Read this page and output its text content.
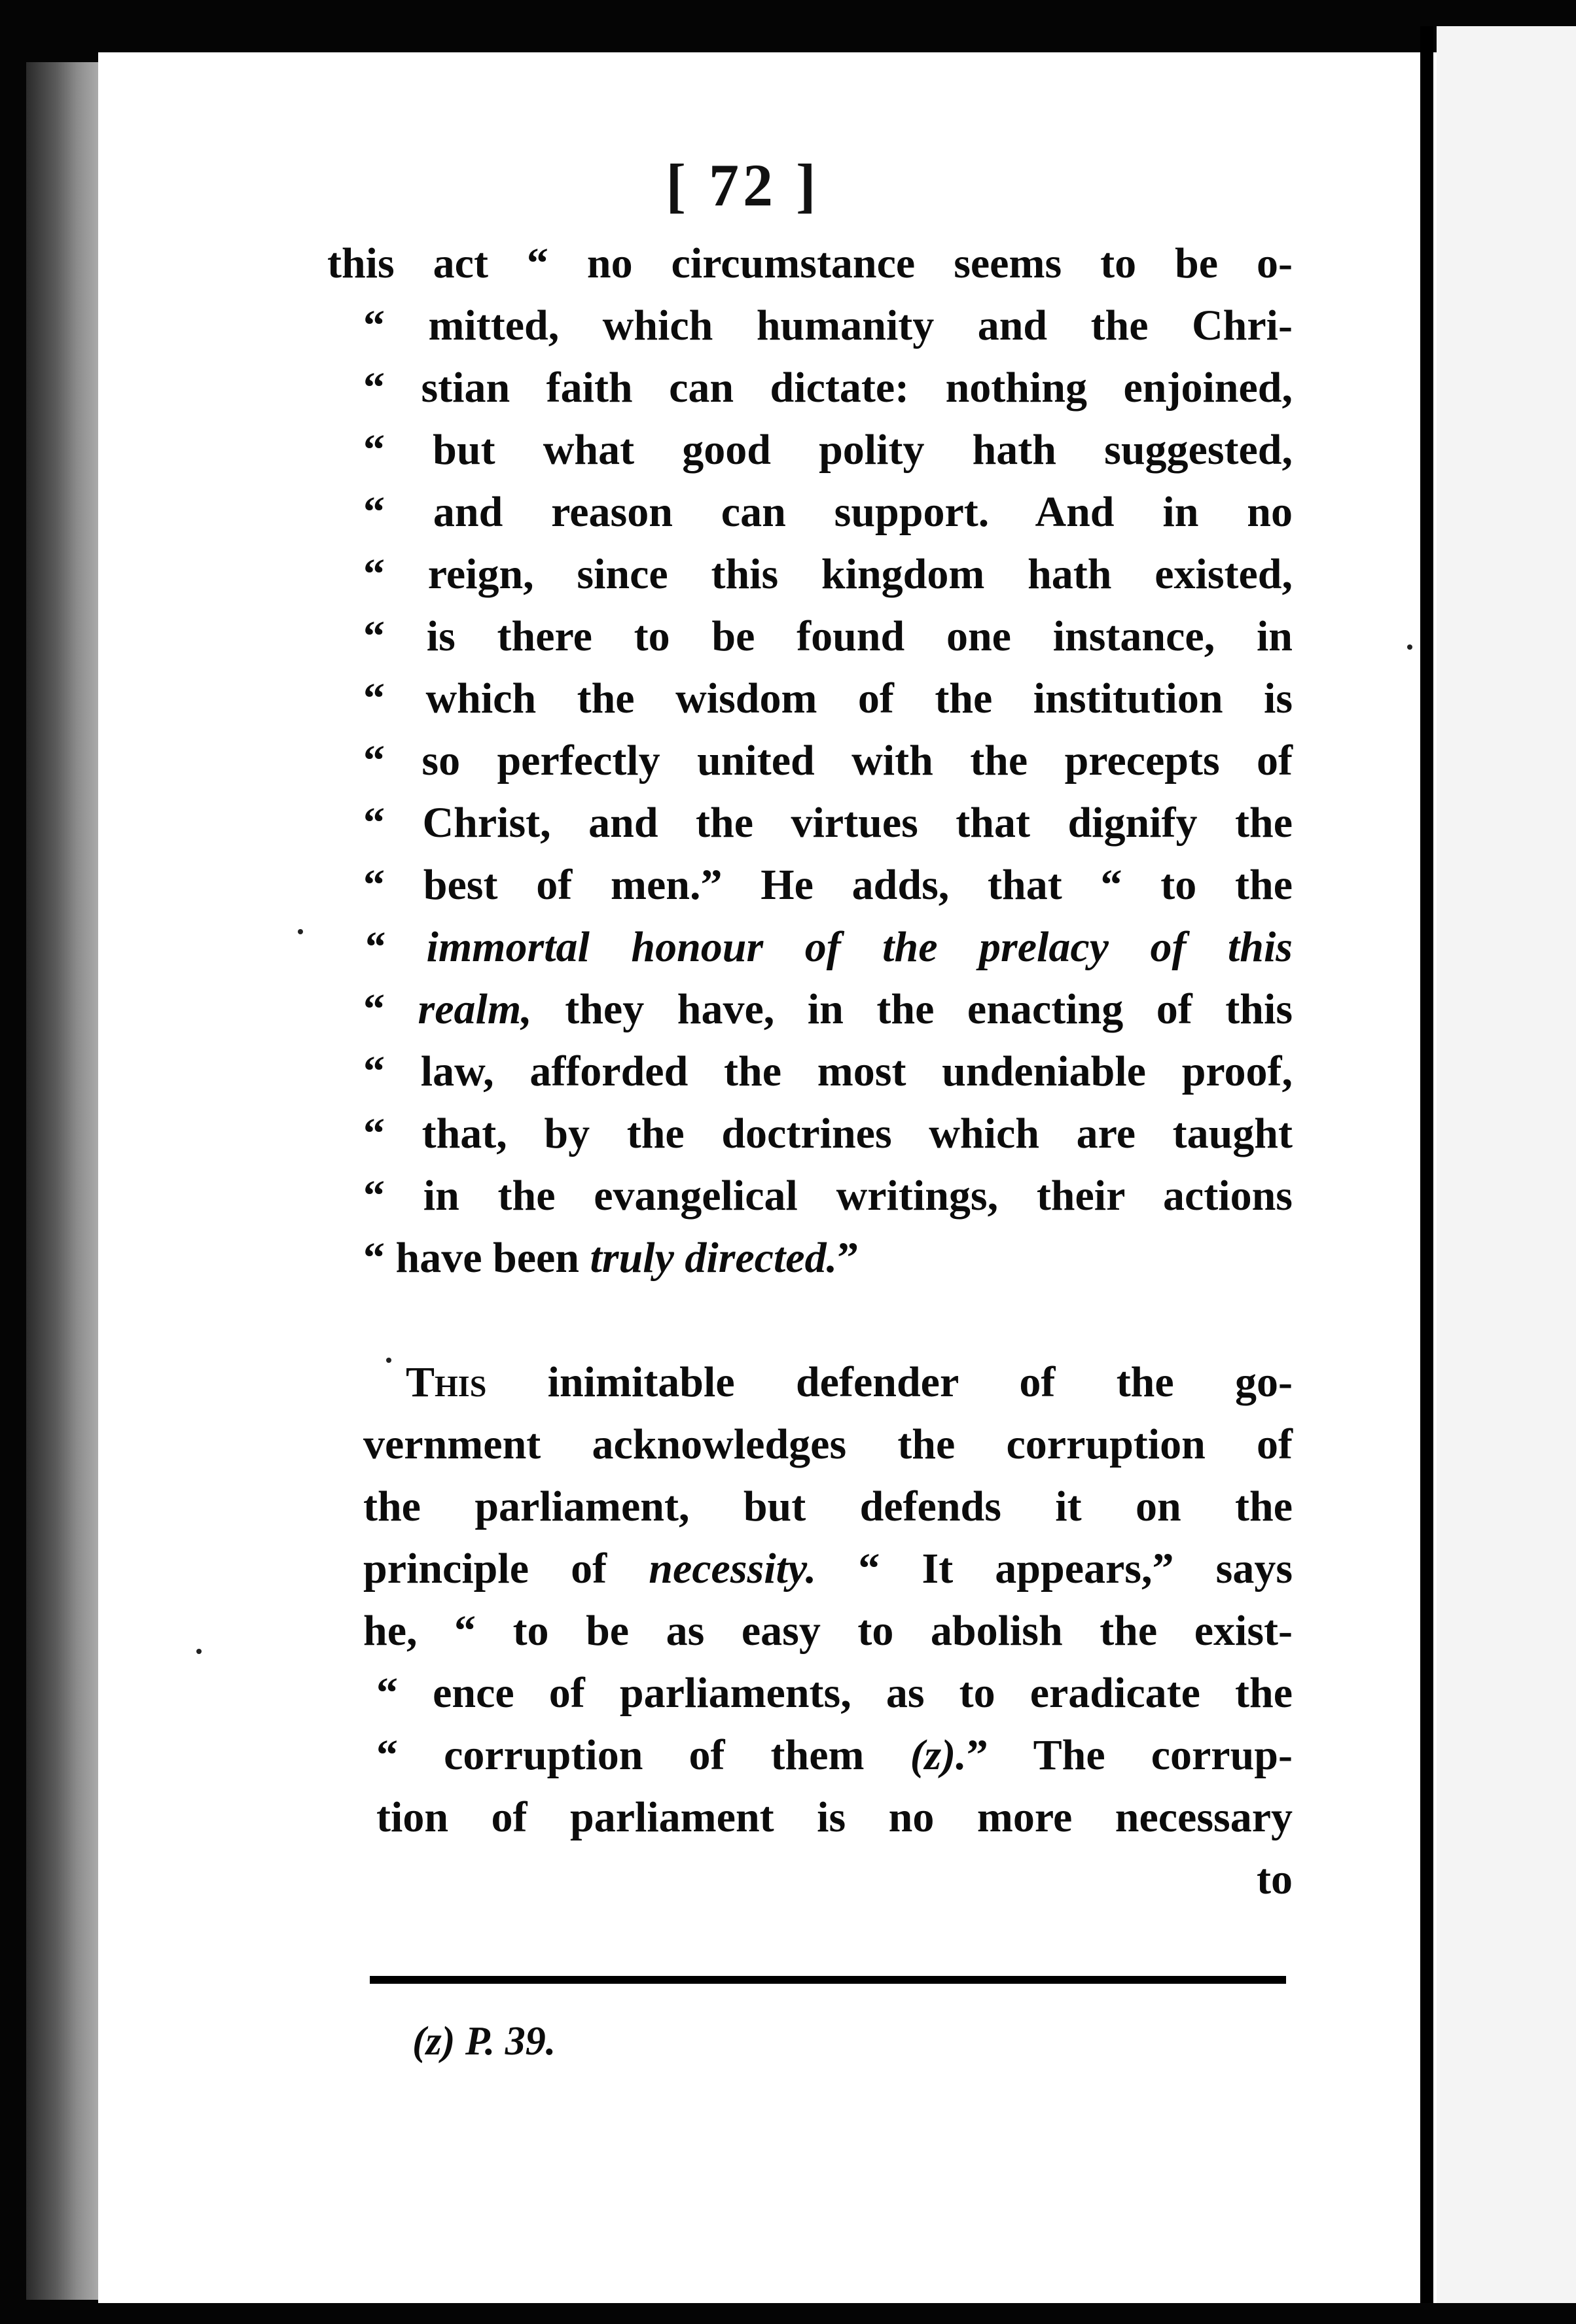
[ 72 ]
this act “ no circumstance seems to be o-
“ mitted, which humanity and the Chri-
“ stian faith can dictate: nothing enjoined,
“ but what good polity hath suggested,
“ and reason can support. And in no
“ reign, since this kingdom hath existed,
“ is there to be found one instance, in
“ which the wisdom of the institution is
“ so perfectly united with the precepts of
“ Christ, and the virtues that dignify the
“ best of men.” He adds, that “ to the
“ immortal honour of the prelacy of this
“ realm, they have, in the enacting of this
“ law, afforded the most undeniable proof,
“ that, by the doctrines which are taught
“ in the evangelical writings, their actions
“ have been truly directed.”
This inimitable defender of the go-
vernment acknowledges the corruption of
the parliament, but defends it on the
principle of necessity. “ It appears,” says
he, “ to be as easy to abolish the exist-
“ ence of parliaments, as to eradicate the
“ corruption of them (z).” The corrup-
tion of parliament is no more necessary
to
(z) P. 39.
